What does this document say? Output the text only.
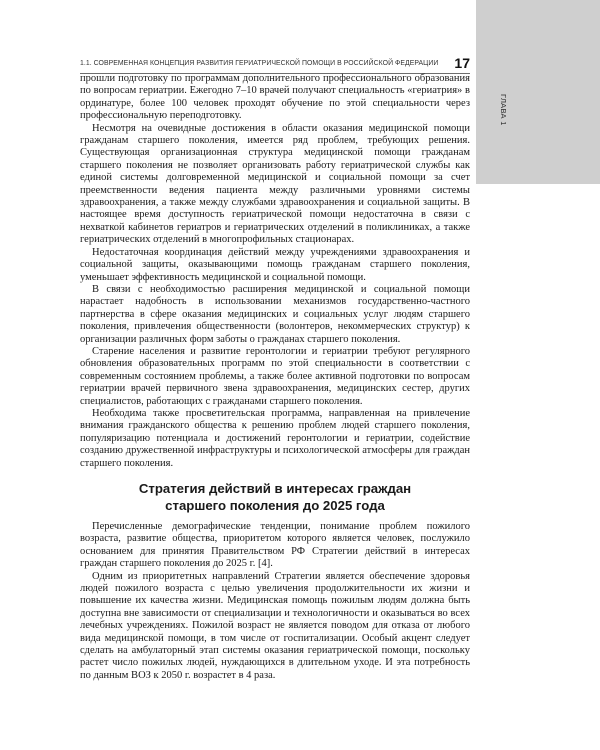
ГЛАВА 1
1.1. СОВРЕМЕННАЯ КОНЦЕПЦИЯ РАЗВИТИЯ ГЕРИАТРИЧЕСКОЙ ПОМОЩИ В РОССИЙСКОЙ ФЕДЕРАЦИИ 17

прошли подготовку по программам дополнительного профессионального образования по вопросам гериатрии. Ежегодно 7–10 врачей получают специальность «гериатрия» в ординатуре, более 100 человек проходят обучение по этой специальности через профессиональную переподготовку.

Несмотря на очевидные достижения в области оказания медицинской помощи гражданам старшего поколения, имеется ряд проблем, требующих решения. Существующая организационная структура медицинской помощи гражданам старшего поколения не позволяет организовать работу гериатрической службы как единой системы долговременной медицинской и социальной помощи за счет преемственности ведения пациента между различными уровнями системы здравоохранения, а также между службами здравоохранения и социальной защиты. В настоящее время доступность гериатрической помощи недостаточна в связи с нехваткой кабинетов гериатров и гериатрических отделений в поликлиниках, а также гериатрических отделений в многопрофильных стационарах.

Недостаточная координация действий между учреждениями здравоохранения и социальной защиты, оказывающими помощь гражданам старшего поколения, уменьшает эффективность медицинской и социальной помощи.

В связи с необходимостью расширения медицинской и социальной помощи нарастает надобность в использовании механизмов государственно-частного партнерства в сфере оказания медицинских и социальных услуг людям старшего поколения, привлечения общественности (волонтеров, некоммерческих структур) к организации различных форм заботы о гражданах старшего поколения.

Старение населения и развитие геронтологии и гериатрии требуют регулярного обновления образовательных программ по этой специальности в соответствии с современным состоянием проблемы, а также более активной подготовки по вопросам гериатрии врачей первичного звена здравоохранения, медицинских сестер, других специалистов, работающих с гражданами старшего поколения.

Необходима также просветительская программа, направленная на привлечение внимания гражданского общества к решению проблем людей старшего поколения, популяризацию потенциала и достижений геронтологии и гериатрии, содействие созданию дружественной инфраструктуры и психологической атмосферы для граждан старшего поколения.

Стратегия действий в интересах граждан
старшего поколения до 2025 года

Перечисленные демографические тенденции, понимание проблем пожилого возраста, развитие общества, приоритетом которого является человек, послужило основанием для принятия Правительством РФ Стратегии действий в интересах граждан старшего поколения до 2025 г. [4].

Одним из приоритетных направлений Стратегии является обеспечение здоровья людей пожилого возраста с целью увеличения продолжительности их жизни и повышение их качества жизни. Медицинская помощь пожилым людям должна быть доступна вне зависимости от специализации и технологичности и оказываться во всех лечебных учреждениях. Пожилой возраст не является поводом для отказа от любого вида медицинской помощи, в том числе от госпитализации. Особый акцент следует сделать на амбулаторный этап системы оказания гериатрической помощи, поскольку растет число пожилых людей, нуждающихся в длительном уходе. И эта потребность по данным ВОЗ к 2050 г. возрастет в 4 раза.
